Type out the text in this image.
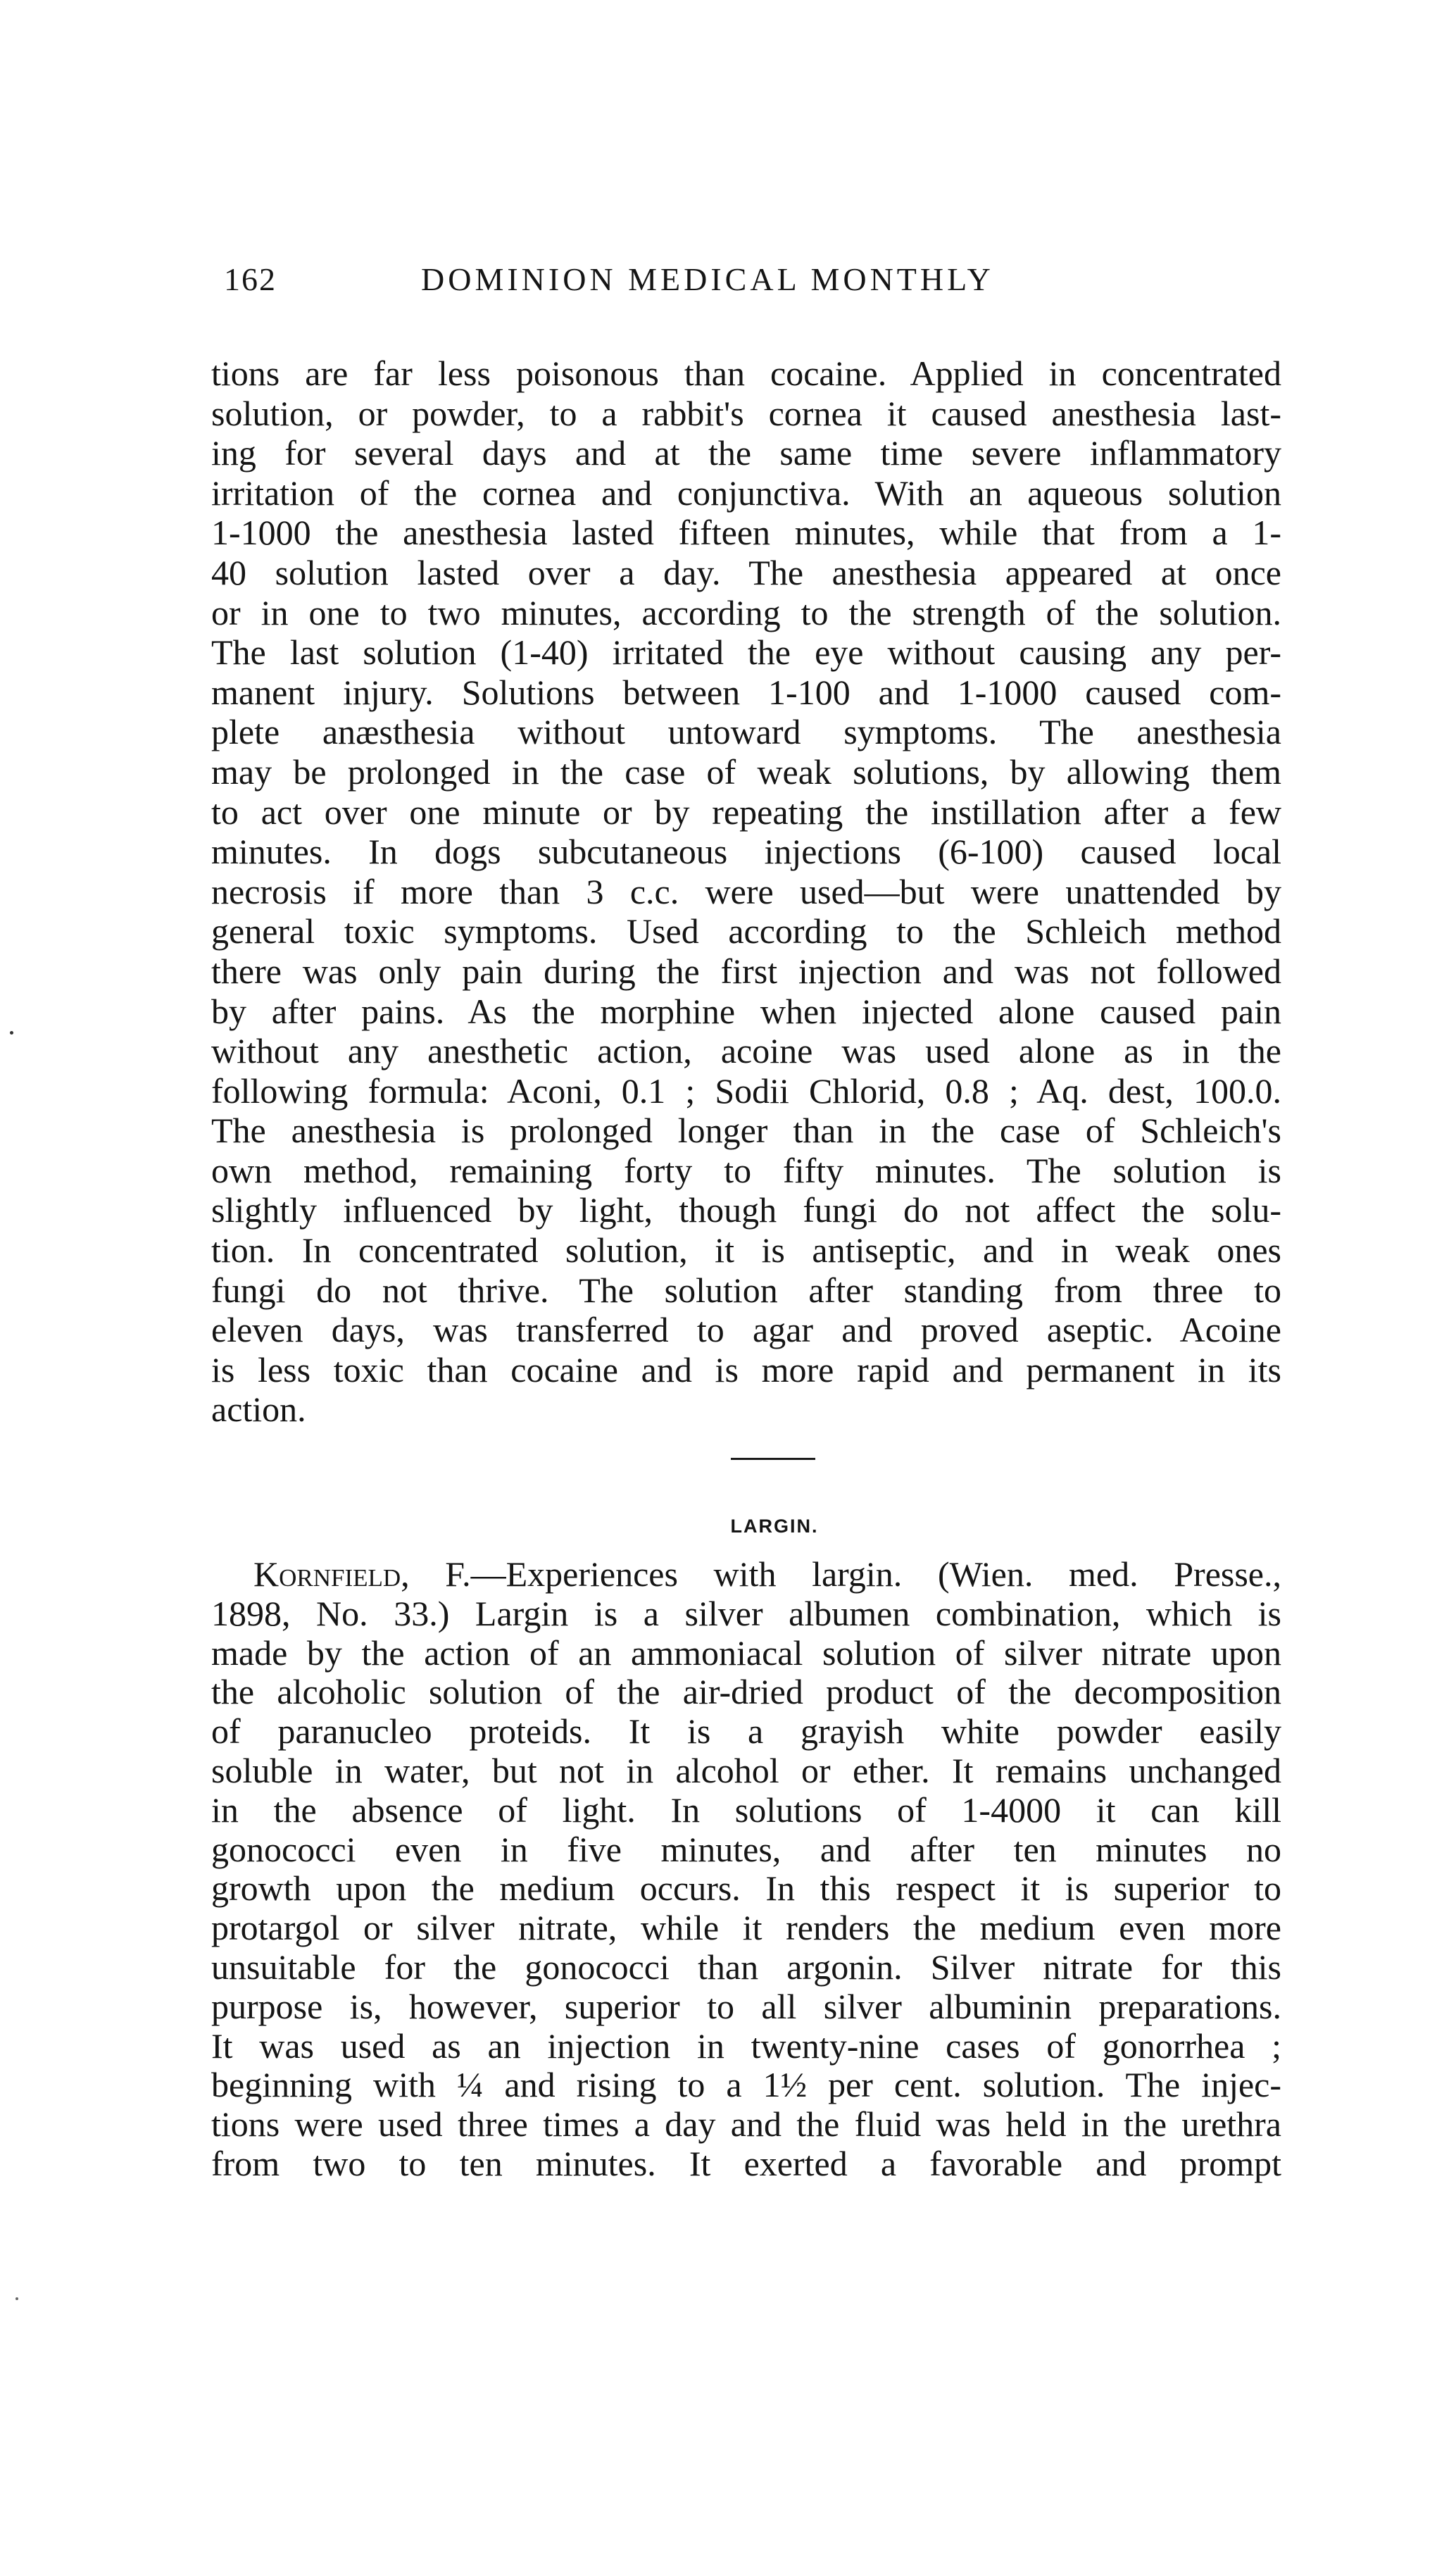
162	DOMINION MEDICAL MONTHLY
tions are far less poisonous than cocaine. Applied in concentrated
solution, or powder, to a rabbit's cornea it caused anesthesia last-
ing for several days and at the same time severe inflammatory
irritation of the cornea and conjunctiva. With an aqueous solution
1-1000 the anesthesia lasted fifteen minutes, while that from a 1-
40 solution lasted over a day. The anesthesia appeared at once
or in one to two minutes, according to the strength of the solution.
The last solution (1-40) irritated the eye without causing any per-
manent injury. Solutions between 1-100 and 1-1000 caused com-
plete anæsthesia without untoward symptoms. The anesthesia
may be prolonged in the case of weak solutions, by allowing them
to act over one minute or by repeating the instillation after a few
minutes. In dogs subcutaneous injections (6-100) caused local
necrosis if more than 3 c.c. were used—but were unattended by
general toxic symptoms. Used according to the Schleich method
there was only pain during the first injection and was not followed
by after pains. As the morphine when injected alone caused pain
without any anesthetic action, acoine was used alone as in the
following formula: Aconi, 0.1 ; Sodii Chlorid, 0.8 ; Aq. dest, 100.0.
The anesthesia is prolonged longer than in the case of Schleich's
own method, remaining forty to fifty minutes. The solution is
slightly influenced by light, though fungi do not affect the solu-
tion. In concentrated solution, it is antiseptic, and in weak ones
fungi do not thrive. The solution after standing from three to
eleven days, was transferred to agar and proved aseptic. Acoine
is less toxic than cocaine and is more rapid and permanent in its
action.
LARGIN.
Kornfield, F.—Experiences with largin. (Wien. med. Presse.,
1898, No. 33.) Largin is a silver albumen combination, which is
made by the action of an ammoniacal solution of silver nitrate upon
the alcoholic solution of the air-dried product of the decomposition
of paranucleo proteids. It is a grayish white powder easily
soluble in water, but not in alcohol or ether. It remains unchanged
in the absence of light. In solutions of 1-4000 it can kill
gonococci even in five minutes, and after ten minutes no
growth upon the medium occurs. In this respect it is superior to
protargol or silver nitrate, while it renders the medium even more
unsuitable for the gonococci than argonin. Silver nitrate for this
purpose is, however, superior to all silver albuminin preparations.
It was used as an injection in twenty-nine cases of gonorrhea ;
beginning with ¼ and rising to a 1½ per cent. solution. The injec-
tions were used three times a day and the fluid was held in the urethra
from two to ten minutes. It exerted a favorable and prompt
